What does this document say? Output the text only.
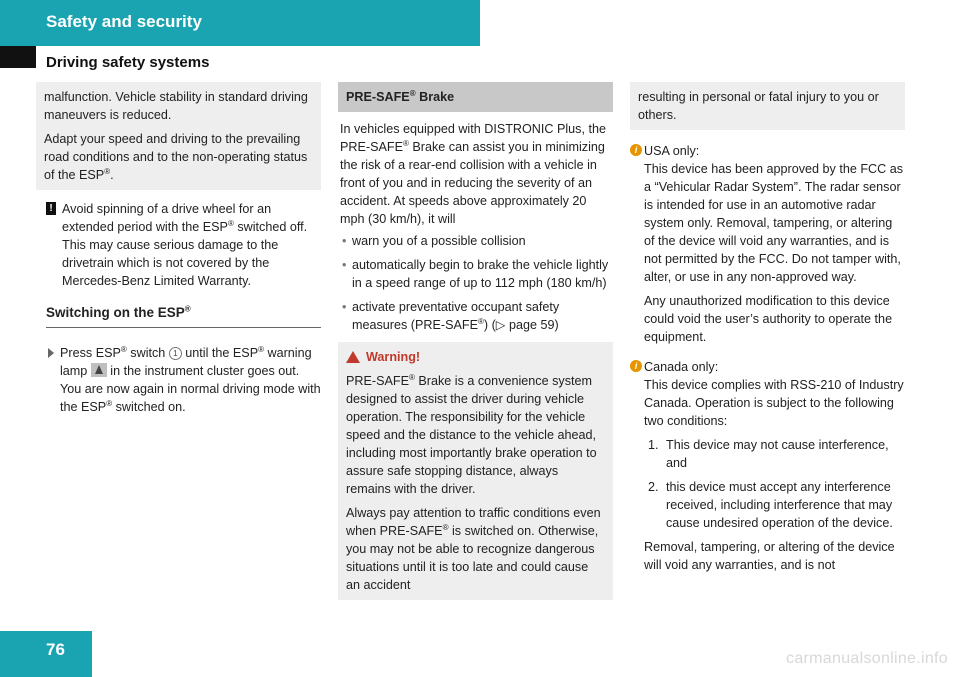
Safety and security
Driving safety systems

malfunction. Vehicle stability in standard driving maneuvers is reduced.

Adapt your speed and driving to the prevailing road conditions and to the non-operating status of the ESP®.

! Avoid spinning of a drive wheel for an extended period with the ESP® switched off. This may cause serious damage to the drivetrain which is not covered by the Mercedes-Benz Limited Warranty.
Switching on the ESP®
Press ESP® switch 1 until the ESP® warning lamp  in the instrument cluster goes out.
You are now again in normal driving mode with the ESP® switched on.
PRE-SAFE® Brake

In vehicles equipped with DISTRONIC Plus, the PRE-SAFE® Brake can assist you in minimizing the risk of a rear-end collision with a vehicle in front of you and in reducing the severity of an accident. At speeds above approximately 20 mph (30 km/h), it will

• warn you of a possible collision
• automatically begin to brake the vehicle lightly in a speed range of up to 112 mph (180 km/h)
• activate preventative occupant safety measures (PRE-SAFE®) (▷ page 59)
Warning!

PRE-SAFE® Brake is a convenience system designed to assist the driver during vehicle operation. The responsibility for the vehicle speed and the distance to the vehicle ahead, including most importantly brake operation to assure safe stopping distance, always remains with the driver.

Always pay attention to traffic conditions even when PRE-SAFE® is switched on. Otherwise, you may not be able to recognize dangerous situations until it is too late and could cause an accident

resulting in personal or fatal injury to you or others.

i USA only:

This device has been approved by the FCC as a “Vehicular Radar System”. The radar sensor is intended for use in an automotive radar system only. Removal, tampering, or altering of the device will void any warranties, and is not permitted by the FCC. Do not tamper with, alter, or use in any non-approved way.

Any unauthorized modification to this device could void the user’s authority to operate the equipment.

i Canada only:

This device complies with RSS-210 of Industry Canada. Operation is subject to the following two conditions:

1. This device may not cause interference, and
2. this device must accept any interference received, including interference that may cause undesired operation of the device.

Removal, tampering, or altering of the device will void any warranties, and is not

76	carmanualsonline.info
